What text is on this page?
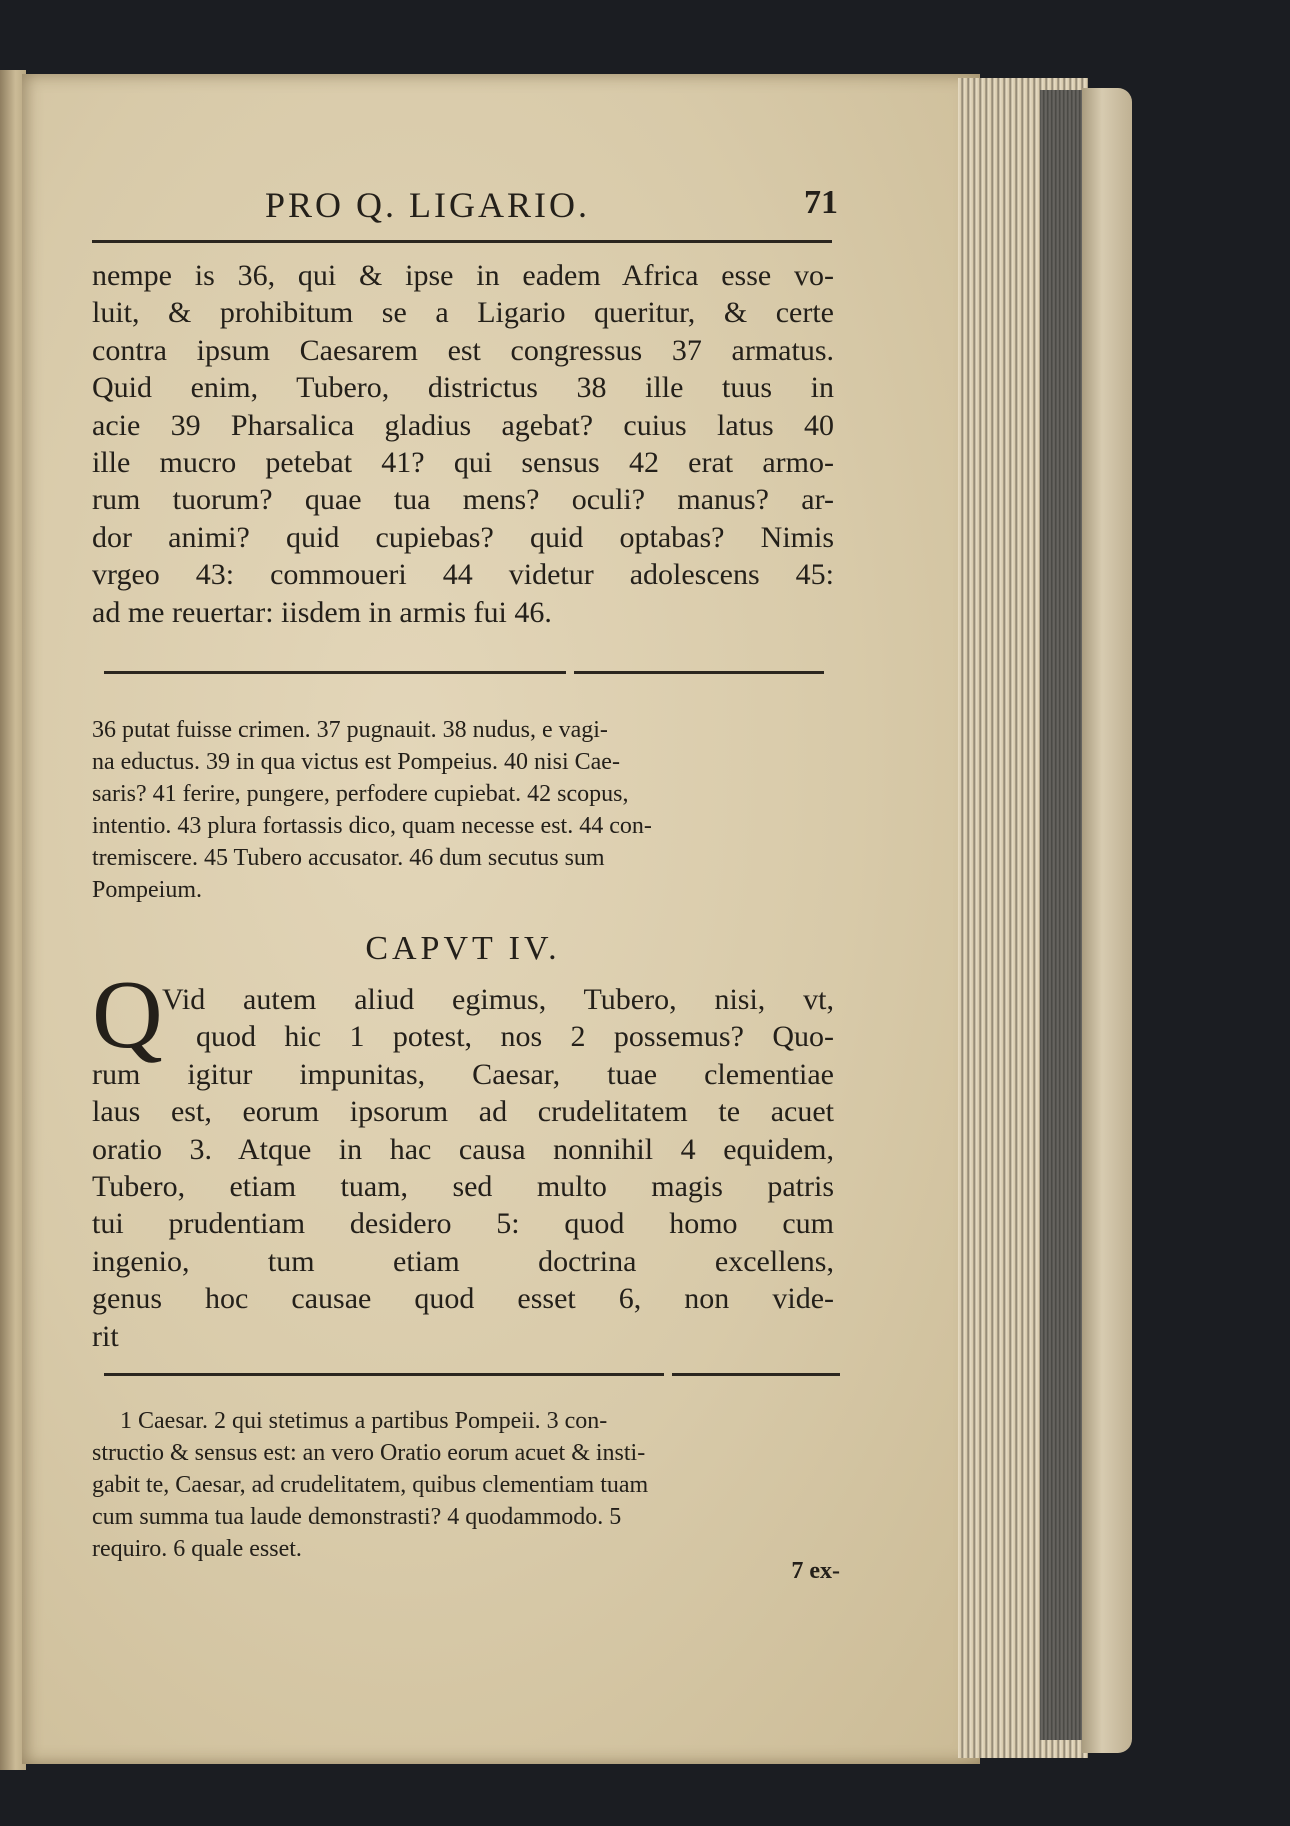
PRO Q. LIGARIO.	71
nempe is 36, qui & ipse in eadem Africa esse vo-
luit, & prohibitum se a Ligario queritur, & certe
contra ipsum Caesarem est congressus 37 armatus.
Quid enim, Tubero, districtus 38 ille tuus in
acie 39 Pharsalica gladius agebat? cuius latus 40
ille mucro petebat 41? qui sensus 42 erat armo-
rum tuorum? quae tua mens? oculi? manus? ar-
dor animi? quid cupiebas? quid optabas? Nimis
vrgeo 43: commoueri 44 videtur adolescens 45:
ad me reuertar: iisdem in armis fui 46.
36 putat fuisse crimen. 37 pugnauit. 38 nudus, e vagi-
na eductus. 39 in qua victus est Pompeius. 40 nisi Cae-
saris? 41 ferire, pungere, perfodere cupiebat. 42 scopus,
intentio. 43 plura fortassis dico, quam necesse est. 44 con-
tremiscere. 45 Tubero accusator. 46 dum secutus sum
Pompeium.
CAPVT IV.
Q Vid autem aliud egimus, Tubero, nisi, vt,
quod hic 1 potest, nos 2 possemus? Quo-
rum igitur impunitas, Caesar, tuae clementiae
laus est, eorum ipsorum ad crudelitatem te acuet
oratio 3. Atque in hac causa nonnihil 4 equidem,
Tubero, etiam tuam, sed multo magis patris
tui prudentiam desidero 5: quod homo cum
ingenio, tum etiam doctrina excellens,
genus hoc causae quod esset 6, non vide-
rit
1 Caesar. 2 qui stetimus a partibus Pompeii. 3 con-
structio & sensus est: an vero Oratio eorum acuet & insti-
gabit te, Caesar, ad crudelitatem, quibus clementiam tuam
cum summa tua laude demonstrasti? 4 quodammodo. 5
requiro. 6 quale esset.
7 ex-
